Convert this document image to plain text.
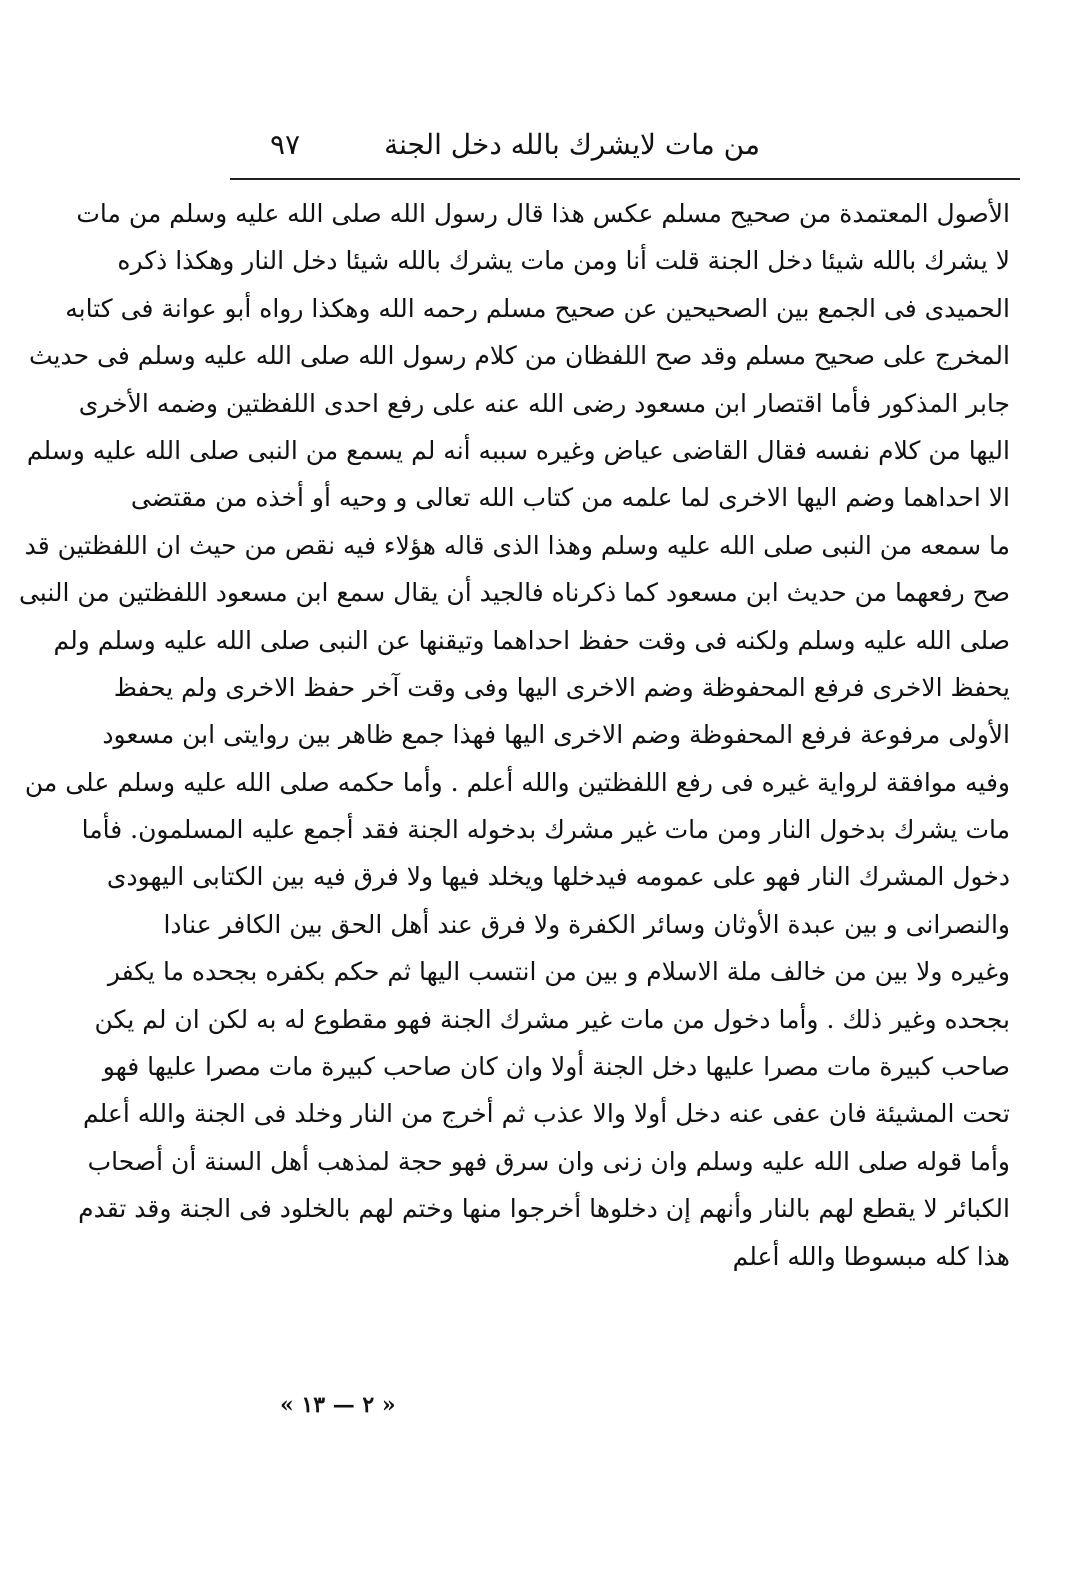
من مات لايشرك بالله دخل الجنة
٩٧
الأصول المعتمدة من صحيح مسلم عكس هذا قال رسول الله صلى الله عليه وسلم من مات
لا يشرك بالله شيئا دخل الجنة قلت أنا ومن مات يشرك بالله شيئا دخل النار وهكذا ذكره
الحميدى فى الجمع بين الصحيحين عن صحيح مسلم رحمه الله وهكذا رواه أبو عوانة فى كتابه
المخرج على صحيح مسلم وقد صح اللفظان من كلام رسول الله صلى الله عليه وسلم فى حديث
جابر المذكور فأما اقتصار ابن مسعود رضى الله عنه على رفع احدى اللفظتين وضمه الأخرى
اليها من كلام نفسه فقال القاضى عياض وغيره سببه أنه لم يسمع من النبى صلى الله عليه وسلم
الا احداهما وضم اليها الاخرى لما علمه من كتاب الله تعالى و وحيه أو أخذه من مقتضى
ما سمعه من النبى صلى الله عليه وسلم وهذا الذى قاله هؤلاء فيه نقص من حيث ان اللفظتين قد
صح رفعهما من حديث ابن مسعود كما ذكرناه فالجيد أن يقال سمع ابن مسعود اللفظتين من النبى
صلى الله عليه وسلم ولكنه فى وقت حفظ احداهما وتيقنها عن النبى صلى الله عليه وسلم ولم
يحفظ الاخرى فرفع المحفوظة وضم الاخرى اليها وفى وقت آخر حفظ الاخرى ولم يحفظ
الأولى مرفوعة فرفع المحفوظة وضم الاخرى اليها فهذا جمع ظاهر بين روايتى ابن مسعود
وفيه موافقة لرواية غيره فى رفع اللفظتين والله أعلم . وأما حكمه صلى الله عليه وسلم على من
مات يشرك بدخول النار ومن مات غير مشرك بدخوله الجنة فقد أجمع عليه المسلمون. فأما
دخول المشرك النار فهو على عمومه فيدخلها ويخلد فيها ولا فرق فيه بين الكتابى اليهودى
والنصرانى و بين عبدة الأوثان وسائر الكفرة ولا فرق عند أهل الحق بين الكافر عنادا
وغيره ولا بين من خالف ملة الاسلام و بين من انتسب اليها ثم حكم بكفره بجحده ما يكفر
بجحده وغير ذلك . وأما دخول من مات غير مشرك الجنة فهو مقطوع له به لكن ان لم يكن
صاحب كبيرة مات مصرا عليها دخل الجنة أولا وان كان صاحب كبيرة مات مصرا عليها فهو
تحت المشيئة فان عفى عنه دخل أولا والا عذب ثم أخرج من النار وخلد فى الجنة والله أعلم
وأما قوله صلى الله عليه وسلم وان زنى وان سرق فهو حجة لمذهب أهل السنة أن أصحاب
الكبائر لا يقطع لهم بالنار وأنهم إن دخلوها أخرجوا منها وختم لهم بالخلود فى الجنة وقد تقدم
هذا كله مبسوطا والله أعلم
« ٢ — ١٣ »
